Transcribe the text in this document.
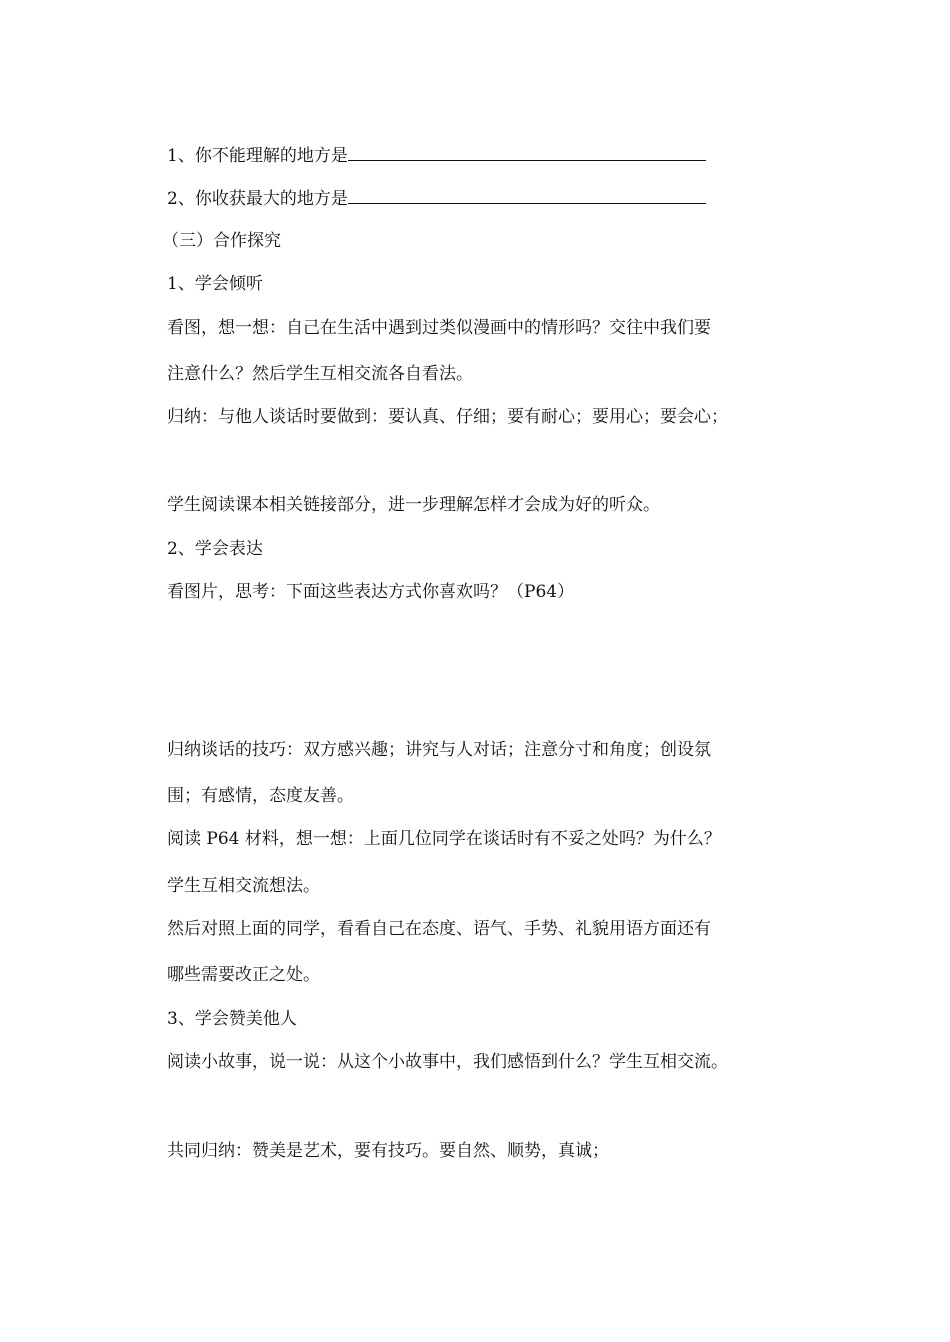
1、你不能理解的地方是
2、你收获最大的地方是
（三）合作探究
1、学会倾听
看图，想一想：自己在生活中遇到过类似漫画中的情形吗？交往中我们要
注意什么？然后学生互相交流各自看法。
归纳：与他人谈话时要做到：要认真、仔细；要有耐心；要用心；要会心；
学生阅读课本相关链接部分，进一步理解怎样才会成为好的听众。
2、学会表达
看图片，思考：下面这些表达方式你喜欢吗？（P64）
归纳谈话的技巧：双方感兴趣；讲究与人对话；注意分寸和角度；创设氛
围；有感情，态度友善。
阅读 P64 材料，想一想：上面几位同学在谈话时有不妥之处吗？为什么？
学生互相交流想法。
然后对照上面的同学，看看自己在态度、语气、手势、礼貌用语方面还有
哪些需要改正之处。
3、学会赞美他人
阅读小故事，说一说：从这个小故事中，我们感悟到什么？学生互相交流。
共同归纳：赞美是艺术，要有技巧。要自然、顺势，真诚；
